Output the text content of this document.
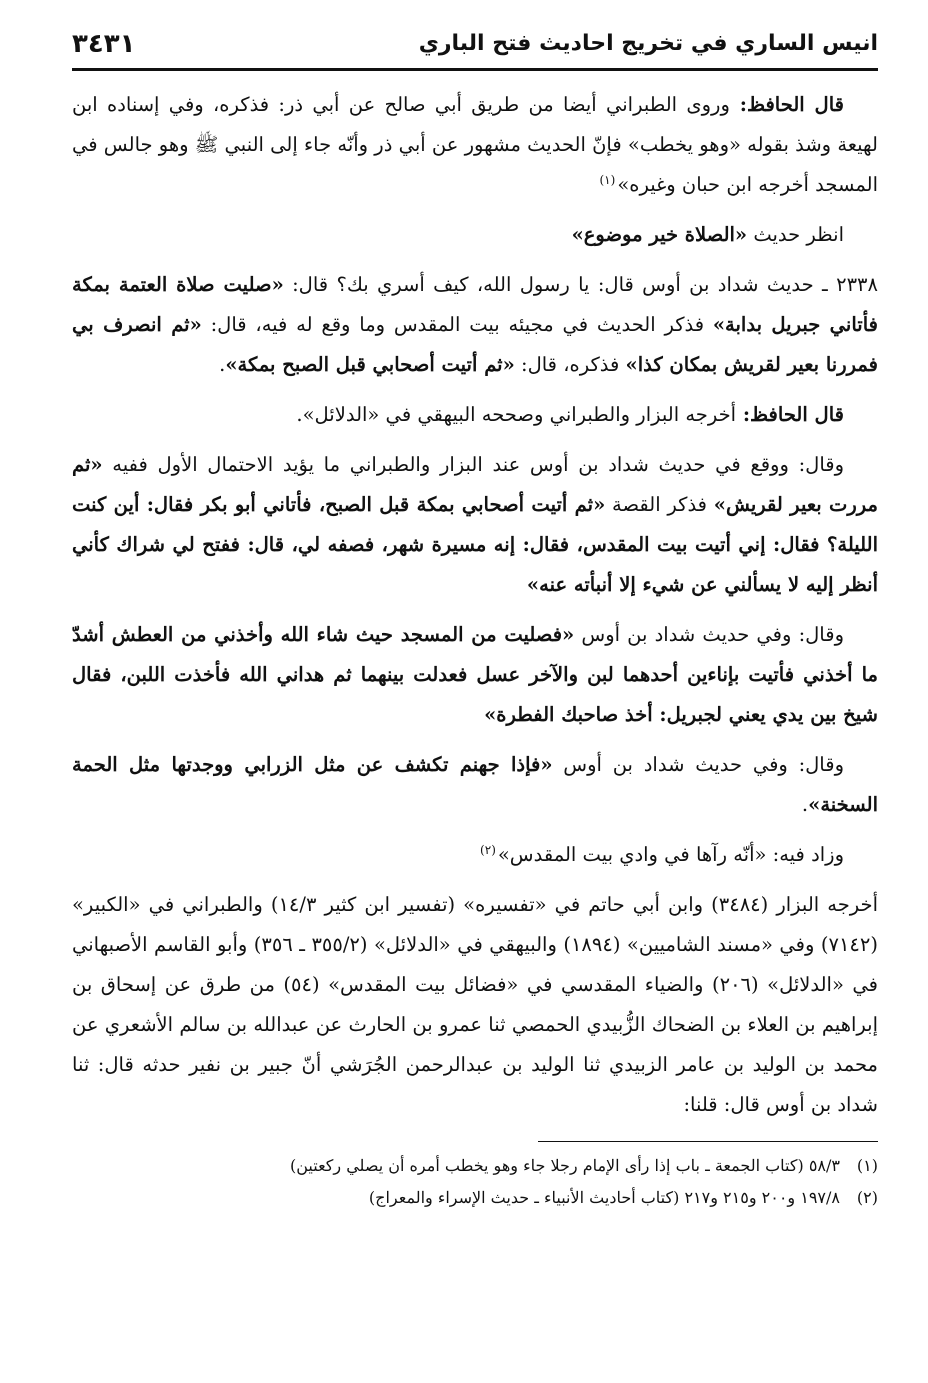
انيس الساري في تخريج احاديث فتح الباري
٣٤٣١

قال الحافظ: وروى الطبراني أيضا من طريق أبي صالح عن أبي ذر: فذكره، وفي إسناده ابن لهيعة وشذ بقوله «وهو يخطب» فإنّ الحديث مشهور عن أبي ذر وأنّه جاء إلى النبي ﷺ وهو جالس في المسجد أخرجه ابن حبان وغيره»$^{(١)}$

انظر حديث «الصلاة خير موضوع»

٢٣٣٨ ـ حديث شداد بن أوس قال: يا رسول الله، كيف أسري بك؟ قال: «صليت صلاة العتمة بمكة فأتاني جبريل بدابة» فذكر الحديث في مجيئه بيت المقدس وما وقع له فيه، قال: «ثم انصرف بي فمررنا بعير لقريش بمكان كذا» فذكره، قال: «ثم أتيت أصحابي قبل الصبح بمكة».

قال الحافظ: أخرجه البزار والطبراني وصححه البيهقي في «الدلائل».

وقال: ووقع في حديث شداد بن أوس عند البزار والطبراني ما يؤيد الاحتمال الأول ففيه «ثم مررت بعير لقريش» فذكر القصة «ثم أتيت أصحابي بمكة قبل الصبح، فأتاني أبو بكر فقال: أين كنت الليلة؟ فقال: إني أتيت بيت المقدس، فقال: إنه مسيرة شهر، فصفه لي، قال: ففتح لي شراك كأني أنظر إليه لا يسألني عن شيء إلا أنبأته عنه»

وقال: وفي حديث شداد بن أوس «فصليت من المسجد حيث شاء الله وأخذني من العطش أشدّ ما أخذني فأتيت بإناءين أحدهما لبن والآخر عسل فعدلت بينهما ثم هداني الله فأخذت اللبن، فقال شيخ بين يدي يعني لجبريل: أخذ صاحبك الفطرة»

وقال: وفي حديث شداد بن أوس «فإذا جهنم تكشف عن مثل الزرابي ووجدتها مثل الحمة السخنة».

وزاد فيه: «أنّه رآها في وادي بيت المقدس»$^{(٢)}$

أخرجه البزار (٣٤٨٤) وابن أبي حاتم في «تفسيره» (تفسير ابن كثير ١٤/٣) والطبراني في «الكبير» (٧١٤٢) وفي «مسند الشاميين» (١٨٩٤) والبيهقي في «الدلائل» (٣٥٥/٢ ـ ٣٥٦) وأبو القاسم الأصبهاني في «الدلائل» (٢٠٦) والضياء المقدسي في «فضائل بيت المقدس» (٥٤) من طرق عن إسحاق بن إبراهيم بن العلاء بن الضحاك الزُّبيدي الحمصي ثنا عمرو بن الحارث عن عبدالله بن سالم الأشعري عن محمد بن الوليد بن عامر الزبيدي ثنا الوليد بن عبدالرحمن الجُرَشي أنّ جبير بن نفير حدثه قال: ثنا شداد بن أوس قال: قلنا:

(١)٥٨/٣ (كتاب الجمعة ـ باب إذا رأى الإمام رجلا جاء وهو يخطب أمره أن يصلي ركعتين)

(٢)١٩٧/٨ و٢٠٠ و٢١٥ و٢١٧ (كتاب أحاديث الأنبياء ـ حديث الإسراء والمعراج)
